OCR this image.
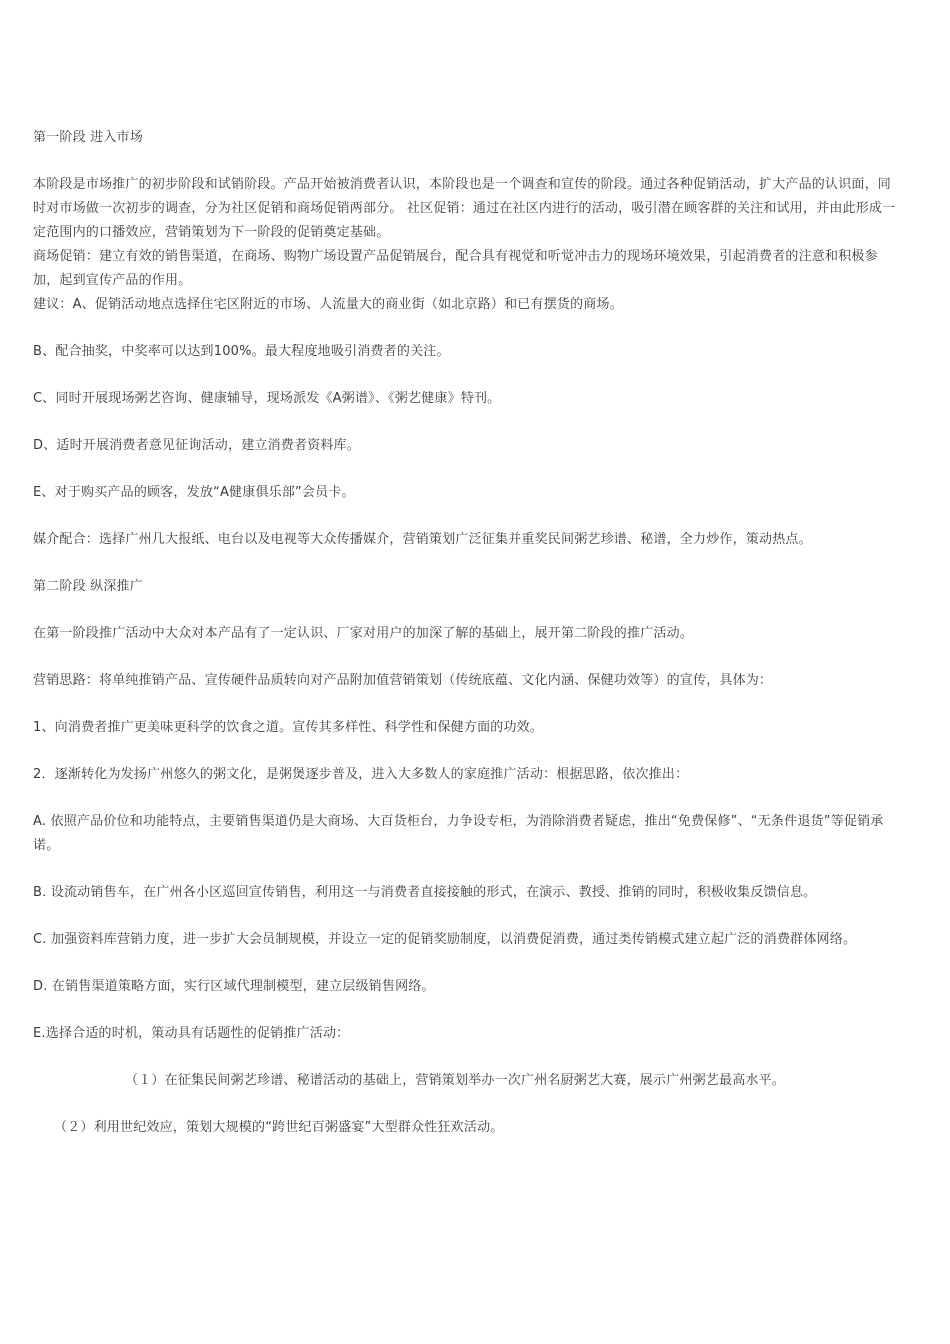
第一阶段 进入市场

本阶段是市场推广的初步阶段和试销阶段。产品开始被消费者认识，本阶段也是一个调查和宣传的阶段。通过各种促销活动，扩大产品的认识面，同时对市场做一次初步的调查，分为社区促销和商场促销两部分。 社区促销：通过在社区内进行的活动，吸引潜在顾客群的关注和试用，并由此形成一定范围内的口播效应，营销策划为下一阶段的促销奠定基础。

商场促销：建立有效的销售渠道，在商场、购物广场设置产品促销展台，配合具有视觉和听觉冲击力的现场环境效果，引起消费者的注意和积极参加，起到宣传产品的作用。

建议：A、促销活动地点选择住宅区附近的市场、人流量大的商业街（如北京路）和已有摆货的商场。

B、配合抽奖，中奖率可以达到100%。最大程度地吸引消费者的关注。

C、同时开展现场粥艺咨询、健康辅导，现场派发《A粥谱》、《粥艺健康》特刊。

D、适时开展消费者意见征询活动，建立消费者资料库。

E、对于购买产品的顾客，发放“A健康俱乐部”会员卡。

媒介配合：选择广州几大报纸、电台以及电视等大众传播媒介，营销策划广泛征集并重奖民间粥艺珍谱、秘谱，全力炒作，策动热点。

第二阶段 纵深推广

在第一阶段推广活动中大众对本产品有了一定认识、厂家对用户的加深了解的基础上，展开第二阶段的推广活动。

营销思路：将单纯推销产品、宣传硬件品质转向对产品附加值营销策划（传统底蕴、文化内涵、保健功效等）的宣传，具体为：

1、向消费者推广更美味更科学的饮食之道。宣传其多样性、科学性和保健方面的功效。

2．逐渐转化为发扬广州悠久的粥文化，是粥煲逐步普及，进入大多数人的家庭推广活动：根据思路，依次推出：

A. 依照产品价位和功能特点，主要销售渠道仍是大商场、大百货柜台，力争设专柜，为消除消费者疑虑，推出“免费保修”、“无条件退货”等促销承诺。

B. 设流动销售车，在广州各小区巡回宣传销售，利用这一与消费者直接接触的形式，在演示、教授、推销的同时，积极收集反馈信息。

C. 加强资料库营销力度，进一步扩大会员制规模，并设立一定的促销奖励制度，以消费促消费，通过类传销模式建立起广泛的消费群体网络。

D. 在销售渠道策略方面，实行区域代理制模型，建立层级销售网络。

E.选择合适的时机，策动具有话题性的促销推广活动：

（１）在征集民间粥艺珍谱、秘谱活动的基础上，营销策划举办一次广州名厨粥艺大赛，展示广州粥艺最高水平。

（２）利用世纪效应，策划大规模的“跨世纪百粥盛宴”大型群众性狂欢活动。
